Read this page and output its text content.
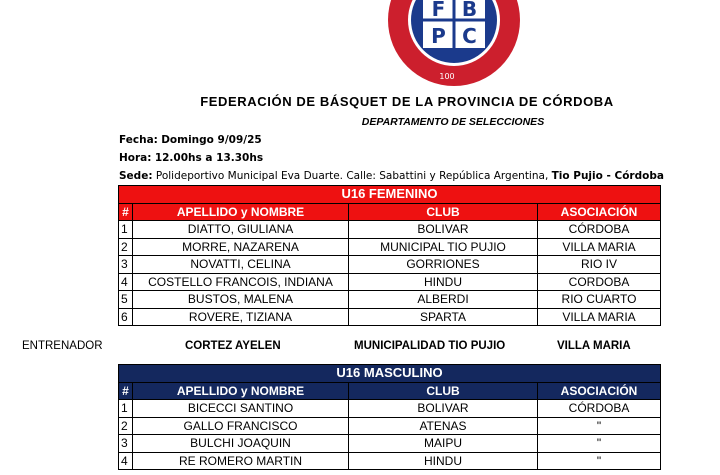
F B
P C
100
FEDERACIÓN DE BÁSQUET DE LA PROVINCIA DE CÓRDOBA
DEPARTAMENTO DE SELECCIONES
Fecha: Domingo 9/09/25
Hora: 12.00hs a 13.30hs
Sede: Polideportivo Municipal Eva Duarte. Calle: Sabattini y República Argentina, Tio Pujio - Córdoba
U16 FEMENINO			
#	APELLIDO y NOMBRE	CLUB	ASOCIACIÓN
1	DIATTO, GIULIANA	BOLIVAR	CÓRDOBA
2	MORRE, NAZARENA	MUNICIPAL TIO PUJIO	VILLA MARIA
3	NOVATTI, CELINA	GORRIONES	RIO IV
4	COSTELLO FRANCOIS, INDIANA	HINDU	CORDOBA
5	BUSTOS, MALENA	ALBERDI	RIO CUARTO
6	ROVERE, TIZIANA	SPARTA	VILLA MARIA
ENTRENADOR	CORTEZ AYELEN	MUNICIPALIDAD TIO PUJIO	VILLA MARIA
U16 MASCULINO			
#	APELLIDO y NOMBRE	CLUB	ASOCIACIÓN
1	BICECCI SANTINO	BOLIVAR	CÓRDOBA
2	GALLO FRANCISCO	ATENAS	"
3	BULCHI JOAQUIN	MAIPU	"
4	RE ROMERO MARTIN	HINDU	"
